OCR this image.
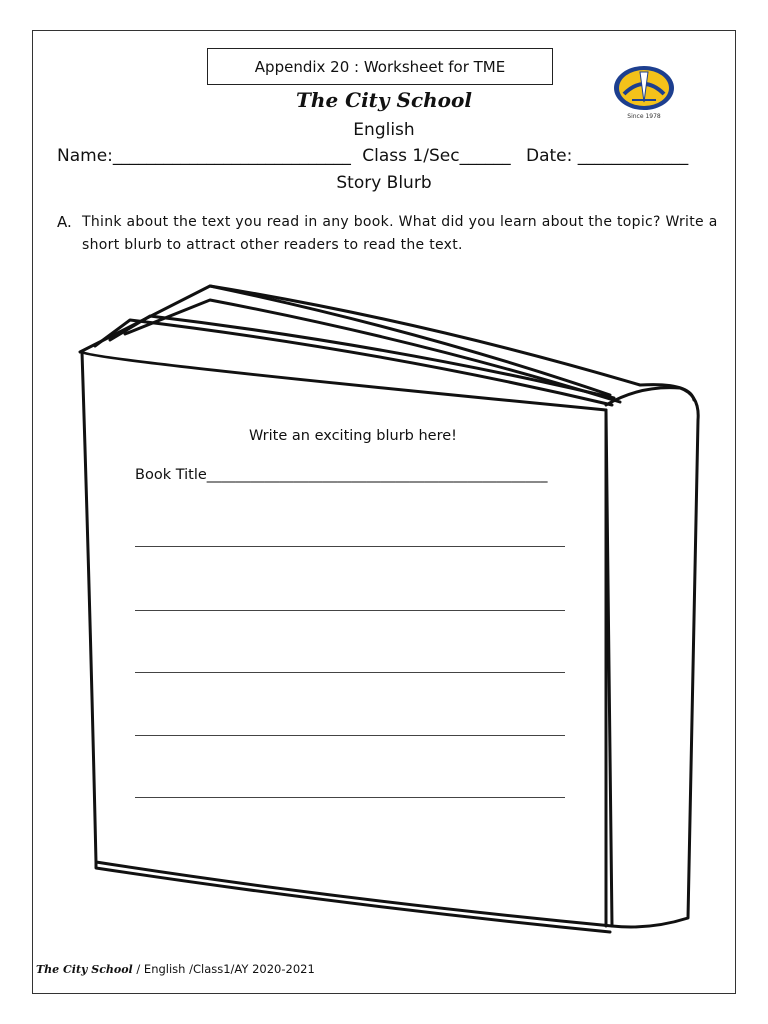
Appendix 20 : Worksheet for TME
Since 1978
The City School
English
Name:____________________________ Class 1/Sec______ Date: _____________
Story Blurb
A. Think about the text you read in any book. What did you learn about the topic? Write a short blurb to attract other readers to read the text.
Write an exciting blurb here!
Book Title_______________________________________________
The City School / English /Class1/AY 2020-2021
